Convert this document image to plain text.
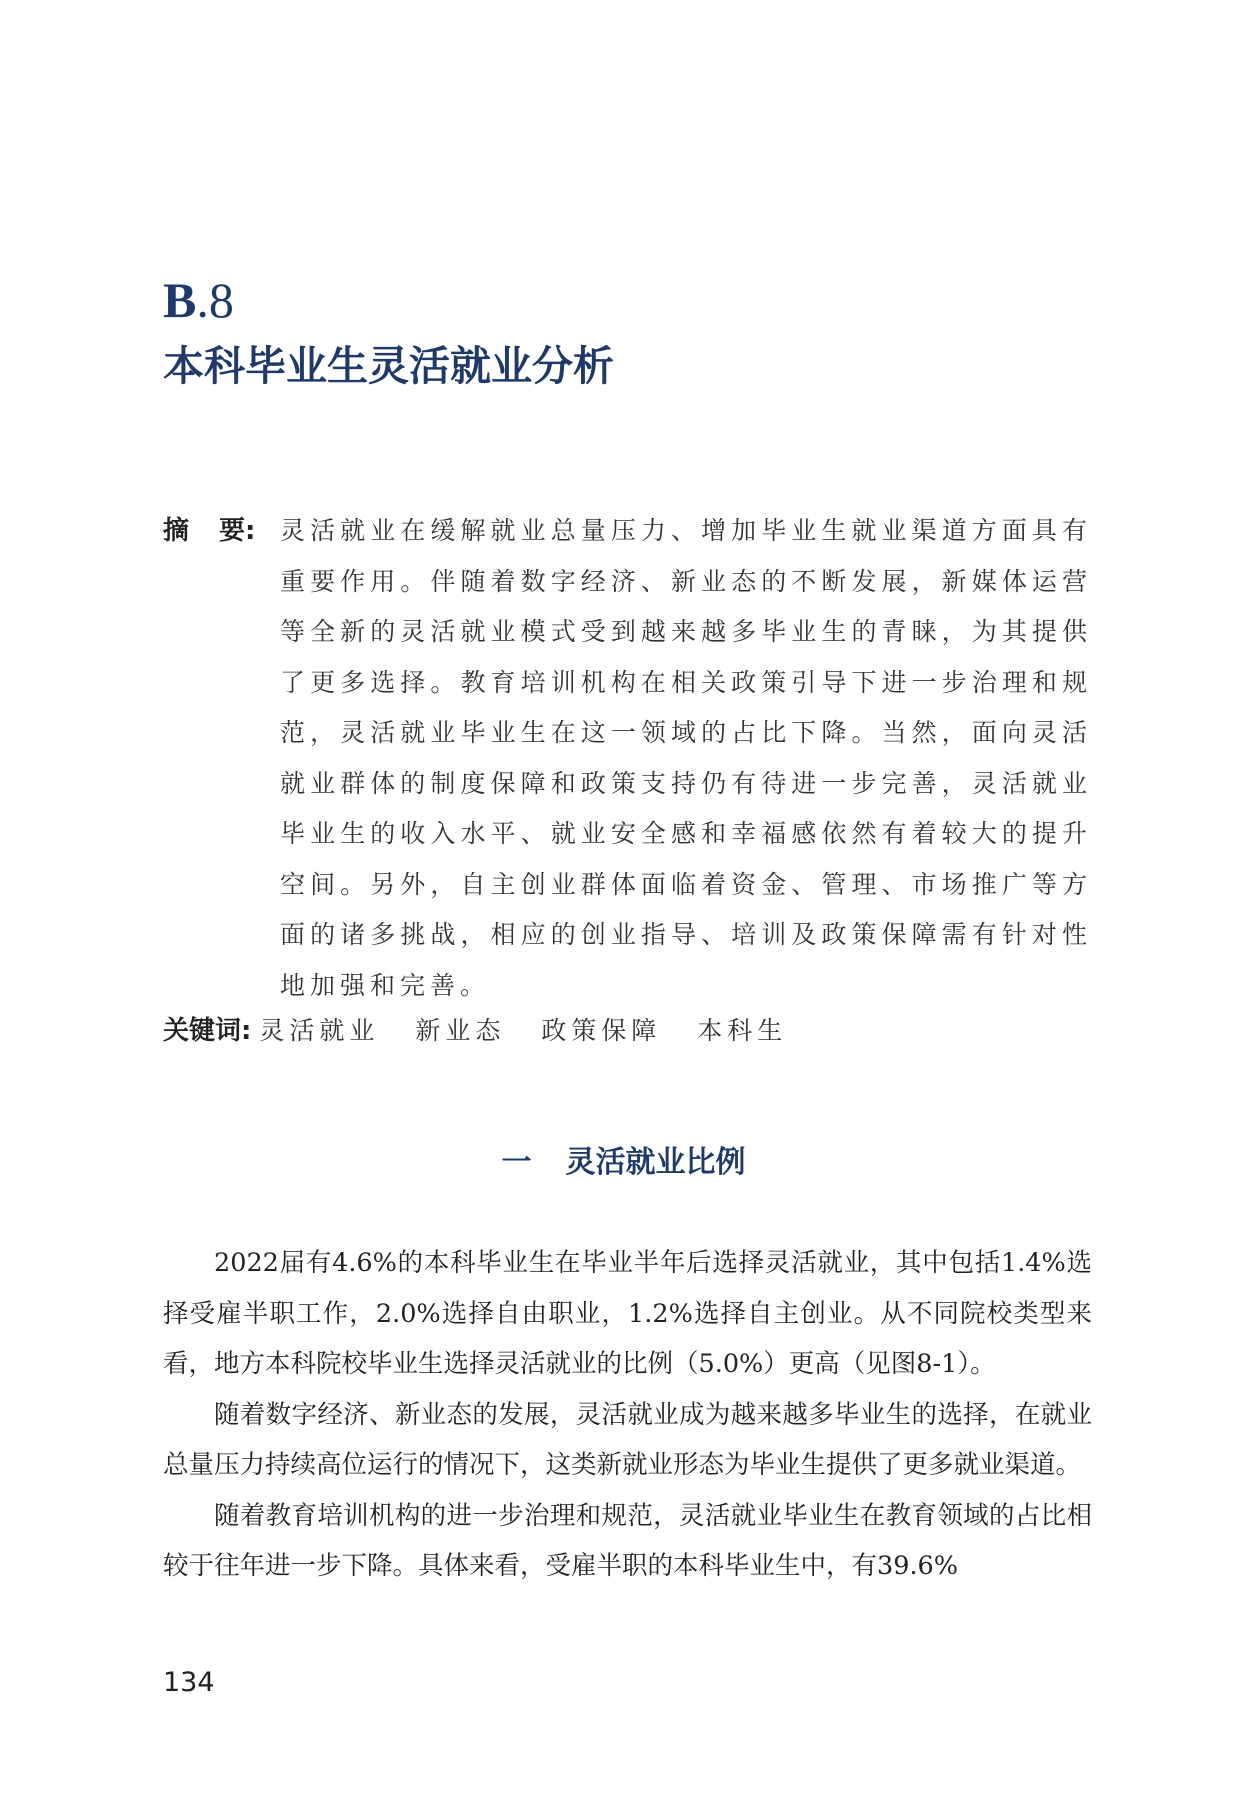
B.8
本科毕业生灵活就业分析
摘 要: 灵活就业在缓解就业总量压力、增加毕业生就业渠道方面具有重要作用。伴随着数字经济、新业态的不断发展，新媒体运营等全新的灵活就业模式受到越来越多毕业生的青睐，为其提供了更多选择。教育培训机构在相关政策引导下进一步治理和规范，灵活就业毕业生在这一领域的占比下降。当然，面向灵活就业群体的制度保障和政策支持仍有待进一步完善，灵活就业毕业生的收入水平、就业安全感和幸福感依然有着较大的提升空间。另外，自主创业群体面临着资金、管理、市场推广等方面的诸多挑战，相应的创业指导、培训及政策保障需有针对性地加强和完善。
关键词: 灵活就业 新业态 政策保障 本科生
一 灵活就业比例

2022届有4.6%的本科毕业生在毕业半年后选择灵活就业，其中包括1.4%选择受雇半职工作，2.0%选择自由职业，1.2%选择自主创业。从不同院校类型来看，地方本科院校毕业生选择灵活就业的比例（5.0%）更高（见图8-1）。

随着数字经济、新业态的发展，灵活就业成为越来越多毕业生的选择，在就业总量压力持续高位运行的情况下，这类新就业形态为毕业生提供了更多就业渠道。

随着教育培训机构的进一步治理和规范，灵活就业毕业生在教育领域的占比相较于往年进一步下降。具体来看，受雇半职的本科毕业生中，有39.6%

134
